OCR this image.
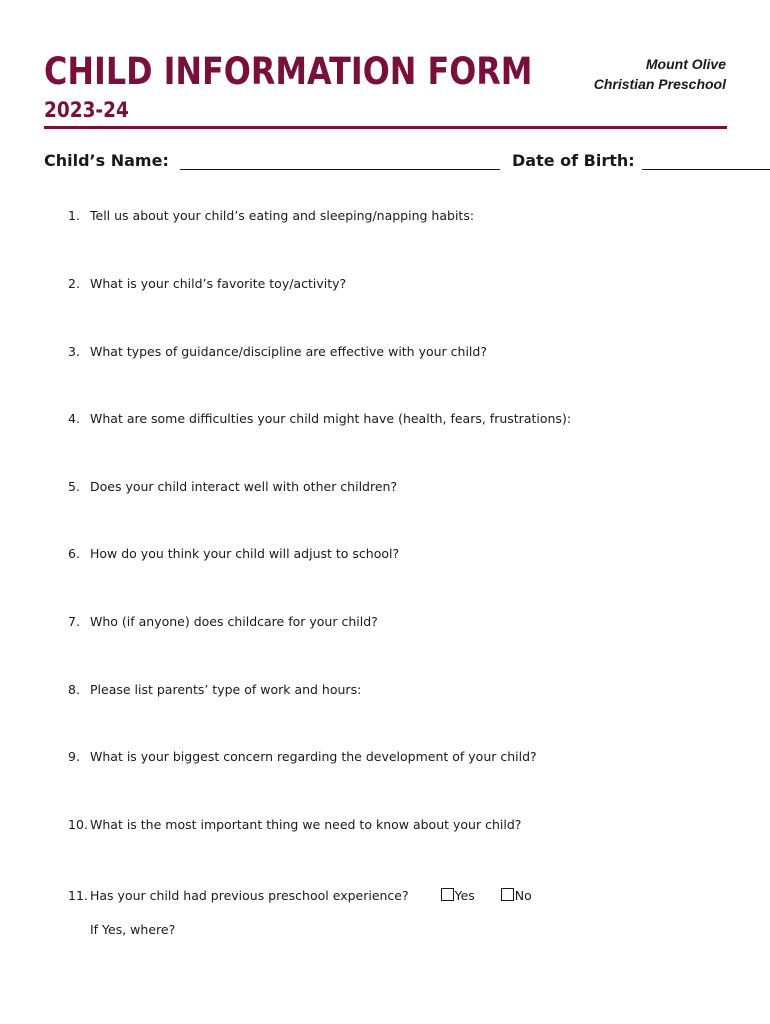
CHILD INFORMATION FORM
2023-24
Mount Olive
Christian Preschool
Child’s Name:	Date of Birth:
1. Tell us about your child’s eating and sleeping/napping habits:
2. What is your child’s favorite toy/activity?
3. What types of guidance/discipline are effective with your child?
4. What are some difficulties your child might have (health, fears, frustrations):
5. Does your child interact well with other children?
6. How do you think your child will adjust to school?
7. Who (if anyone) does childcare for your child?
8. Please list parents’ type of work and hours:
9. What is your biggest concern regarding the development of your child?
10. What is the most important thing we need to know about your child?
11. Has your child had previous preschool experience?	Yes	No
If Yes, where?
